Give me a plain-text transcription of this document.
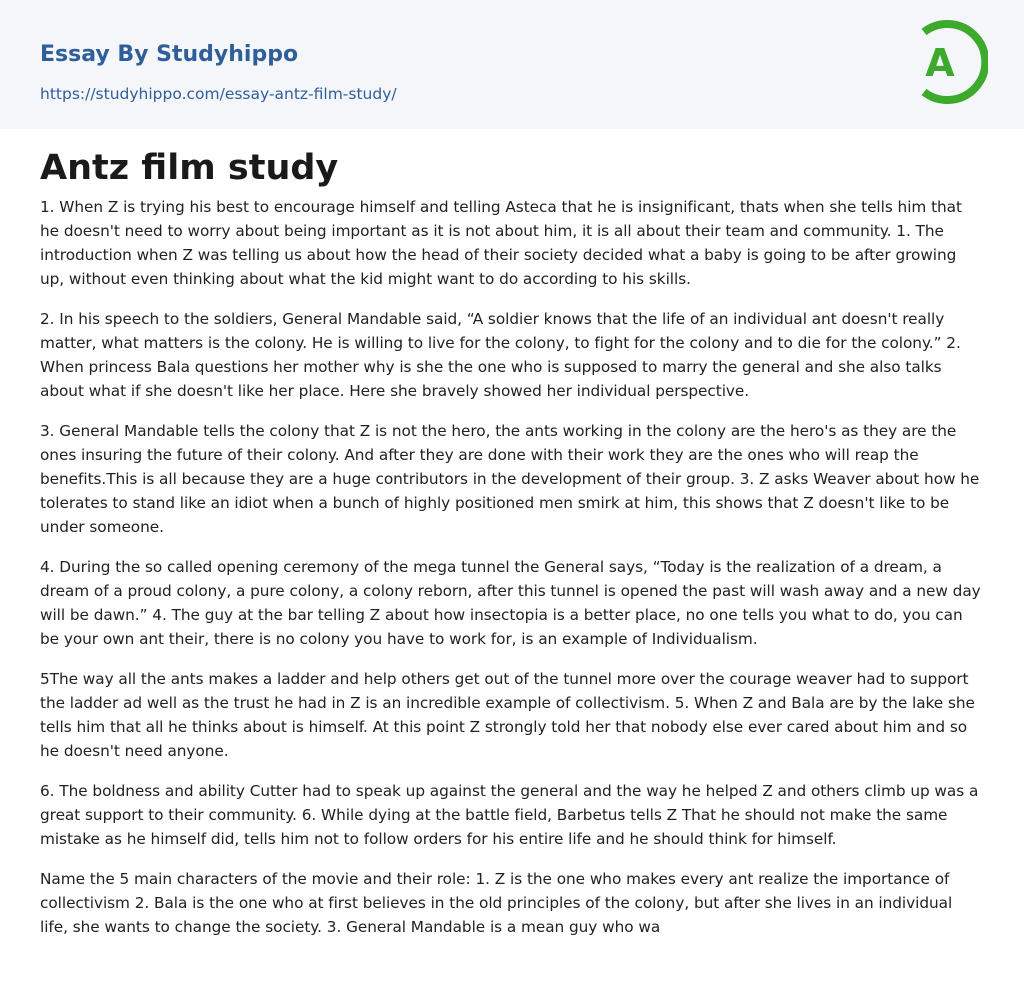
Essay By Studyhippo
https://studyhippo.com/essay-antz-film-study/
A
Antz film study

1. When Z is trying his best to encourage himself and telling Asteca that he is insignificant, thats when she tells him that he doesn't need to worry about being important as it is not about him, it is all about their team and community. 1. The introduction when Z was telling us about how the head of their society decided what a baby is going to be after growing up, without even thinking about what the kid might want to do according to his skills.

2. In his speech to the soldiers, General Mandable said, “A soldier knows that the life of an individual ant doesn't really matter, what matters is the colony. He is willing to live for the colony, to fight for the colony and to die for the colony.” 2. When princess Bala questions her mother why is she the one who is supposed to marry the general and she also talks about what if she doesn't like her place. Here she bravely showed her individual perspective.

3. General Mandable tells the colony that Z is not the hero, the ants working in the colony are the hero's as they are the ones insuring the future of their colony. And after they are done with their work they are the ones who will reap the benefits.This is all because they are a huge contributors in the development of their group. 3. Z asks Weaver about how he tolerates to stand like an idiot when a bunch of highly positioned men smirk at him, this shows that Z doesn't like to be under someone.

4. During the so called opening ceremony of the mega tunnel the General says, “Today is the realization of a dream, a dream of a proud colony, a pure colony, a colony reborn, after this tunnel is opened the past will wash away and a new day will be dawn.” 4. The guy at the bar telling Z about how insectopia is a better place, no one tells you what to do, you can be your own ant their, there is no colony you have to work for, is an example of Individualism.

5The way all the ants makes a ladder and help others get out of the tunnel more over the courage weaver had to support the ladder ad well as the trust he had in Z is an incredible example of collectivism. 5. When Z and Bala are by the lake she tells him that all he thinks about is himself. At this point Z strongly told her that nobody else ever cared about him and so he doesn't need anyone.

6. The boldness and ability Cutter had to speak up against the general and the way he helped Z and others climb up was a great support to their community. 6. While dying at the battle field, Barbetus tells Z That he should not make the same mistake as he himself did, tells him not to follow orders for his entire life and he should think for himself.

Name the 5 main characters of the movie and their role: 1. Z is the one who makes every ant realize the importance of collectivism 2. Bala is the one who at first believes in the old principles of the colony, but after she lives in an individual life, she wants to change the society. 3. General Mandable is a mean guy who wa
